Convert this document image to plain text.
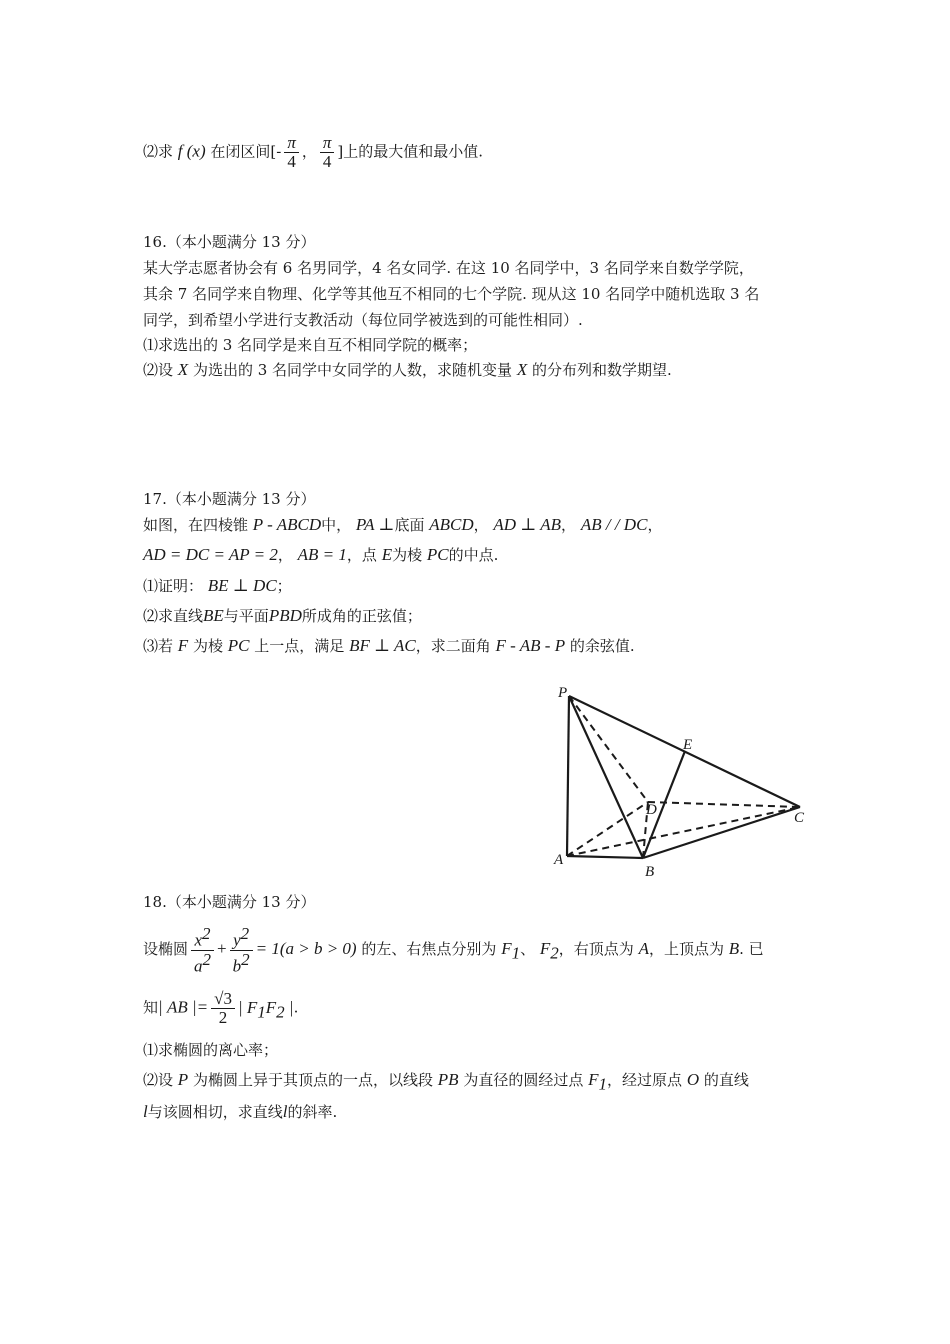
⑵求 f (x) 在闭区间[- $\frac{\pi}{4}$ ， $\frac{\pi}{4}$ ]上的最大值和最小值.
16.（本小题满分 13 分）
某大学志愿者协会有 6 名男同学，4 名女同学. 在这 10 名同学中，3 名同学来自数学学院，
其余 7 名同学来自物理、化学等其他互不相同的七个学院. 现从这 10 名同学中随机选取 3 名
同学，到希望小学进行支教活动（每位同学被选到的可能性相同）.
⑴求选出的 3 名同学是来自互不相同学院的概率；
⑵设 X 为选出的 3 名同学中女同学的人数，求随机变量 X 的分布列和数学期望.
17.（本小题满分 13 分）
如图，在四棱锥 P - ABCD中， PA ⊥底面 ABCD， AD ⊥ AB， AB / / DC，
AD = DC = AP = 2， AB = 1，点 E为棱 PC的中点.
⑴证明： BE ⊥ DC；
⑵求直线BE与平面PBD所成角的正弦值；
⑶若 F 为棱 PC 上一点，满足 BF ⊥ AC，求二面角 F - AB - P 的余弦值.
P
E
D	C
A
B
18.（本小题满分 13 分）
设椭圆 $\frac{x^2}{a^2} + \frac{y^2}{b^2} = 1(a > b > 0)$ 的左、右焦点分别为 $F_1$、 $F_2$，右顶点为 A，上顶点为 B. 已
知| AB |= $\frac{√3}{2}$ | $F_1F_2$ |.
⑴求椭圆的离心率；
⑵设 P 为椭圆上异于其顶点的一点，以线段 PB 为直径的圆经过点 $F_1$，经过原点 O 的直线
l与该圆相切，求直线l的斜率.
